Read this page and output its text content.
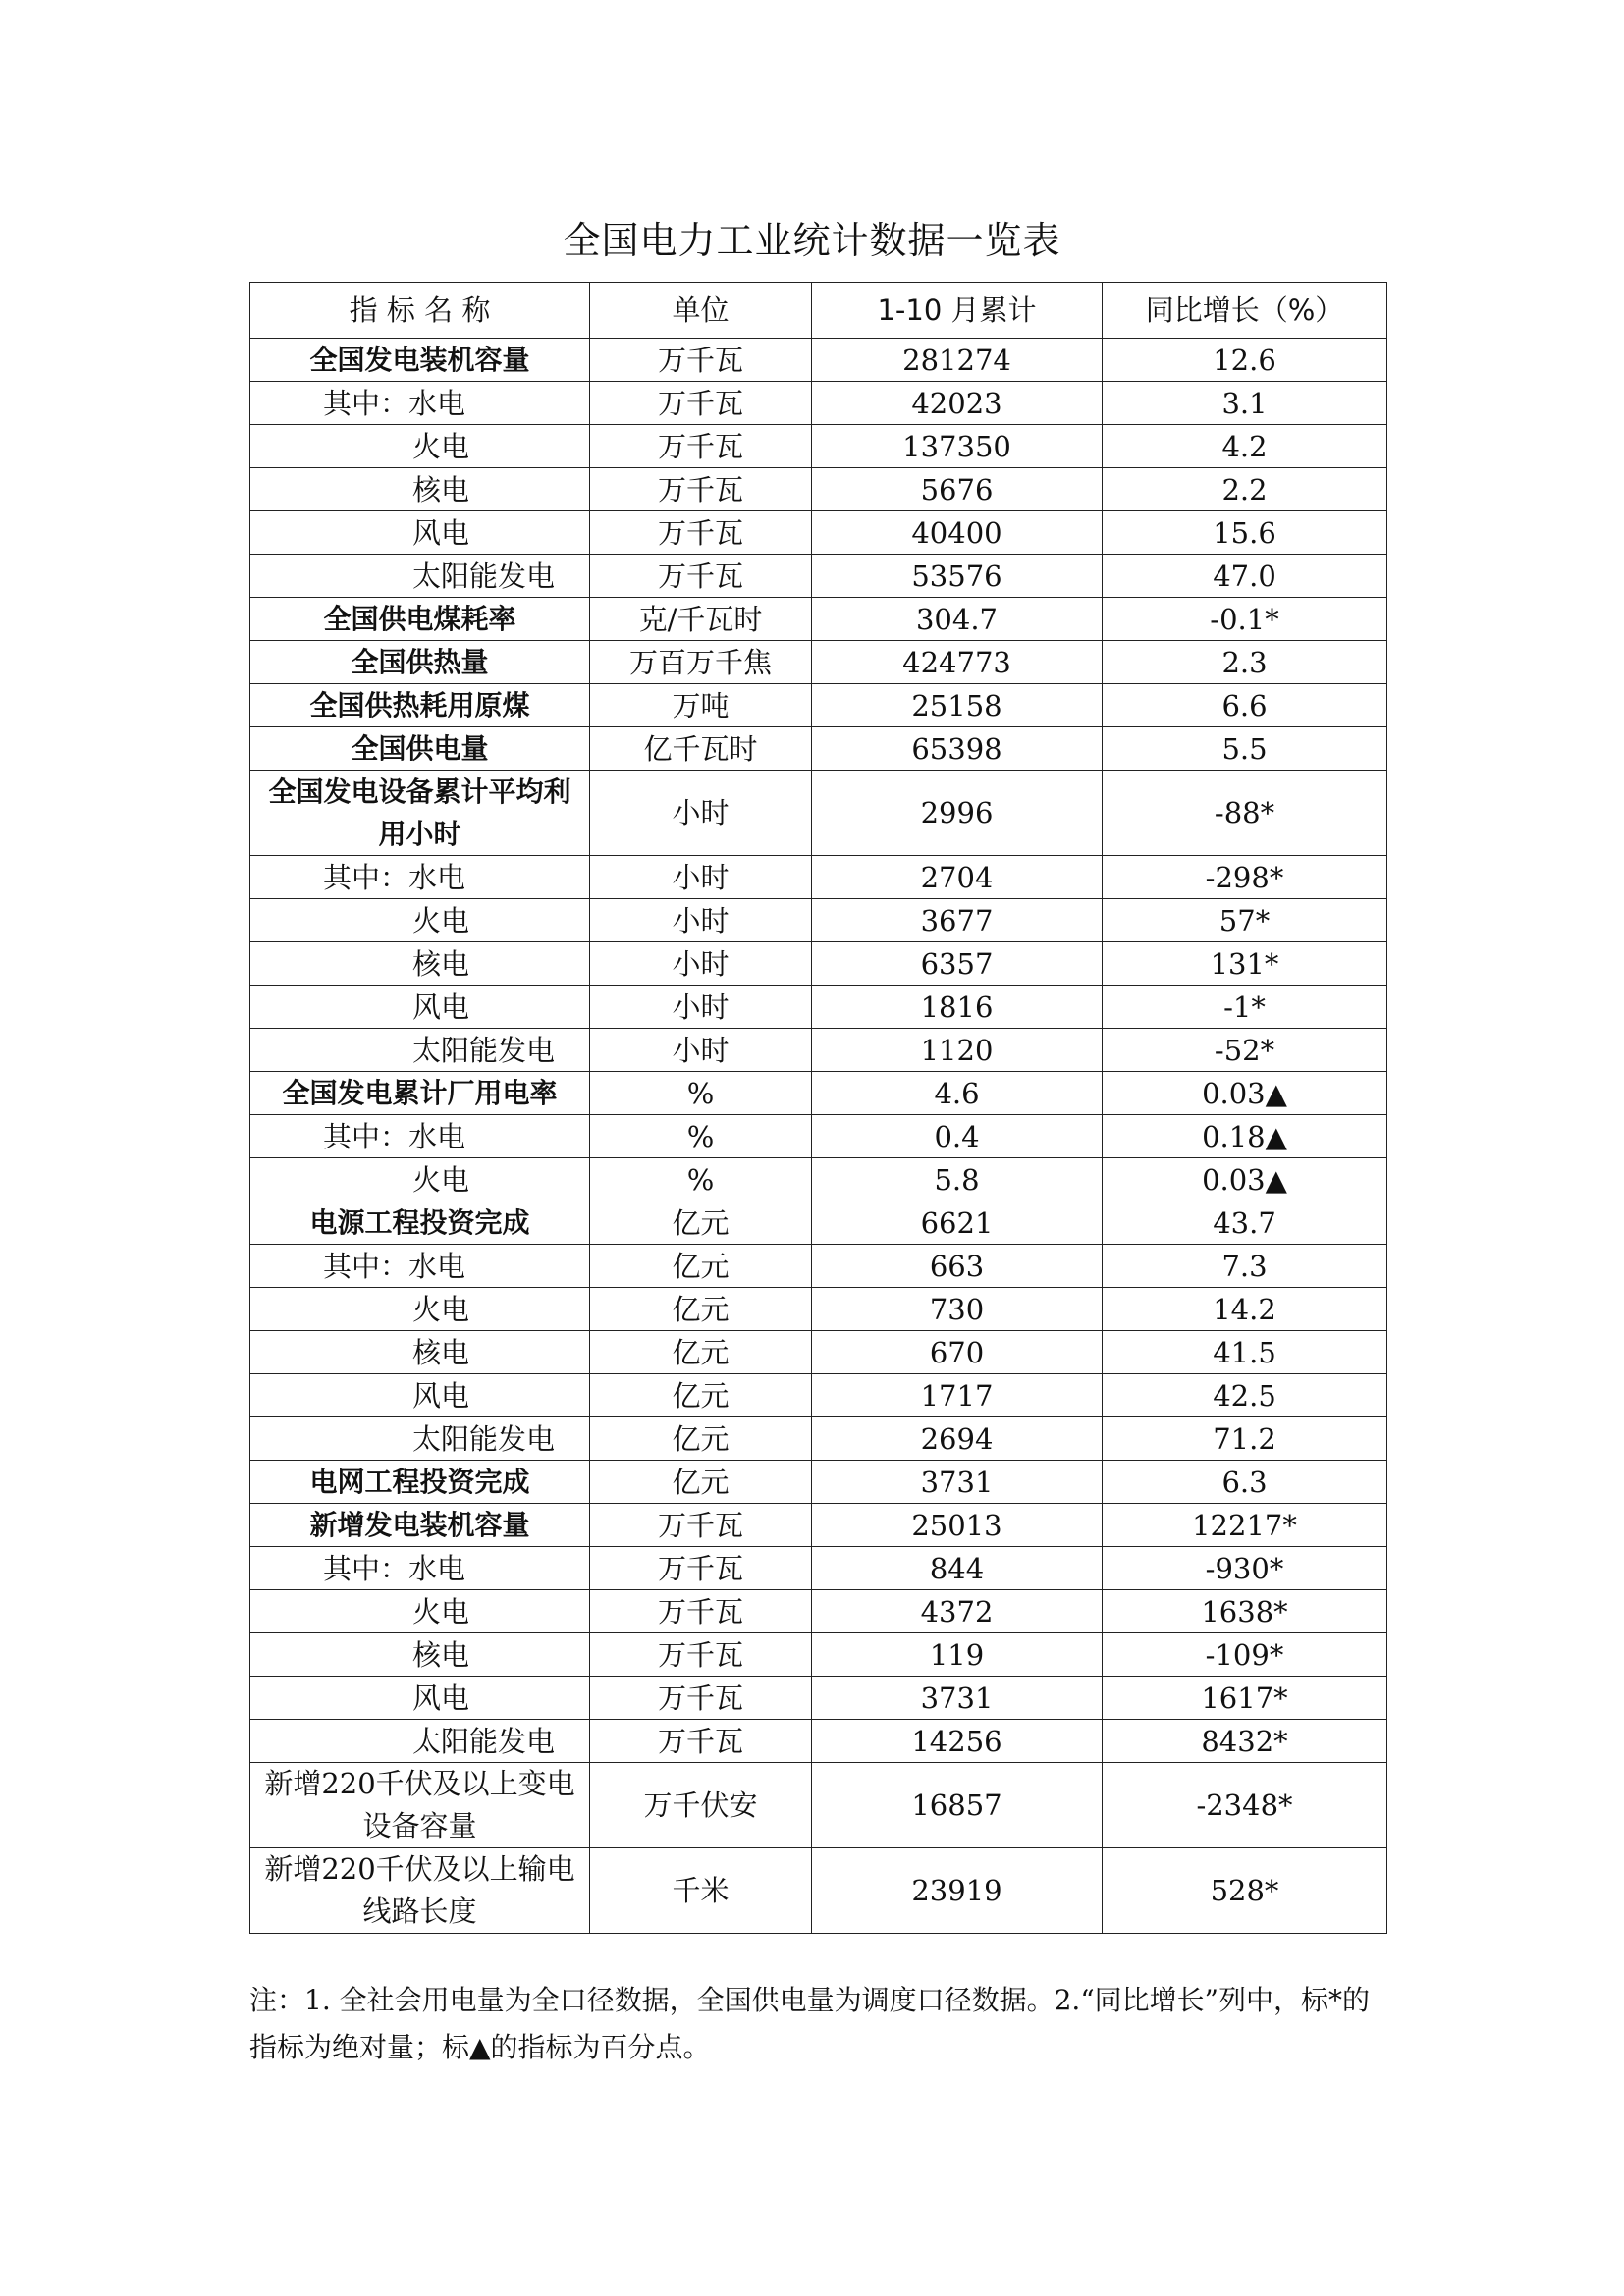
全国电力工业统计数据一览表
指 标 名 称	单位	1-10 月累计	同比增长（%）
全国发电装机容量	万千瓦	281274	12.6
其中：水电	万千瓦	42023	3.1
火电	万千瓦	137350	4.2
核电	万千瓦	5676	2.2
风电	万千瓦	40400	15.6
太阳能发电	万千瓦	53576	47.0
全国供电煤耗率	克/千瓦时	304.7	-0.1*
全国供热量	万百万千焦	424773	2.3
全国供热耗用原煤	万吨	25158	6.6
全国供电量	亿千瓦时	65398	5.5
全国发电设备累计平均利用小时	小时	2996	-88*
其中：水电	小时	2704	-298*
火电	小时	3677	57*
核电	小时	6357	131*
风电	小时	1816	-1*
太阳能发电	小时	1120	-52*
全国发电累计厂用电率	%	4.6	0.03▲
其中：水电	%	0.4	0.18▲
火电	%	5.8	0.03▲
电源工程投资完成	亿元	6621	43.7
其中：水电	亿元	663	7.3
火电	亿元	730	14.2
核电	亿元	670	41.5
风电	亿元	1717	42.5
太阳能发电	亿元	2694	71.2
电网工程投资完成	亿元	3731	6.3
新增发电装机容量	万千瓦	25013	12217*
其中：水电	万千瓦	844	-930*
火电	万千瓦	4372	1638*
核电	万千瓦	119	-109*
风电	万千瓦	3731	1617*
太阳能发电	万千瓦	14256	8432*
新增220千伏及以上变电设备容量	万千伏安	16857	-2348*
新增220千伏及以上输电线路长度	千米	23919	528*
注：1. 全社会用电量为全口径数据，全国供电量为调度口径数据。2.“同比增长”列中，标*的指标为绝对量；标▲的指标为百分点。
